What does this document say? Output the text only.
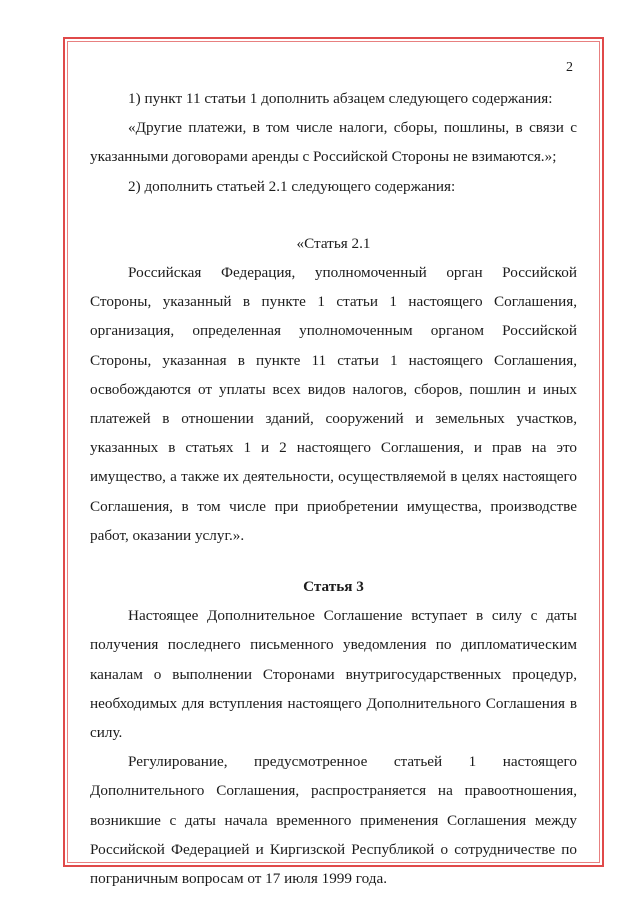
2

1) пункт 11 статьи 1 дополнить абзацем следующего содержания:

«Другие платежи, в том числе налоги, сборы, пошлины, в связи с указанными договорами аренды с Российской Стороны не взимаются.»;

2) дополнить статьей 2.1 следующего содержания:

«Статья 2.1

Российская Федерация, уполномоченный орган Российской Стороны, указанный в пункте 1 статьи 1 настоящего Соглашения, организация, определенная уполномоченным органом Российской Стороны, указанная в пункте 11 статьи 1 настоящего Соглашения, освобождаются от уплаты всех видов налогов, сборов, пошлин и иных платежей в отношении зданий, сооружений и земельных участков, указанных в статьях 1 и 2 настоящего Соглашения, и прав на это имущество, а также их деятельности, осуществляемой в целях настоящего Соглашения, в том числе при приобретении имущества, производстве работ, оказании услуг.».

Статья 3

Настоящее Дополнительное Соглашение вступает в силу с даты получения последнего письменного уведомления по дипломатическим каналам о выполнении Сторонами внутригосударственных процедур, необходимых для вступления настоящего Дополнительного Соглашения в силу.

Регулирование, предусмотренное статьей 1 настоящего Дополнительного Соглашения, распространяется на правоотношения, возникшие с даты начала временного применения Соглашения между Российской Федерацией и Киргизской Республикой о сотрудничестве по пограничным вопросам от 17 июля 1999 года.
